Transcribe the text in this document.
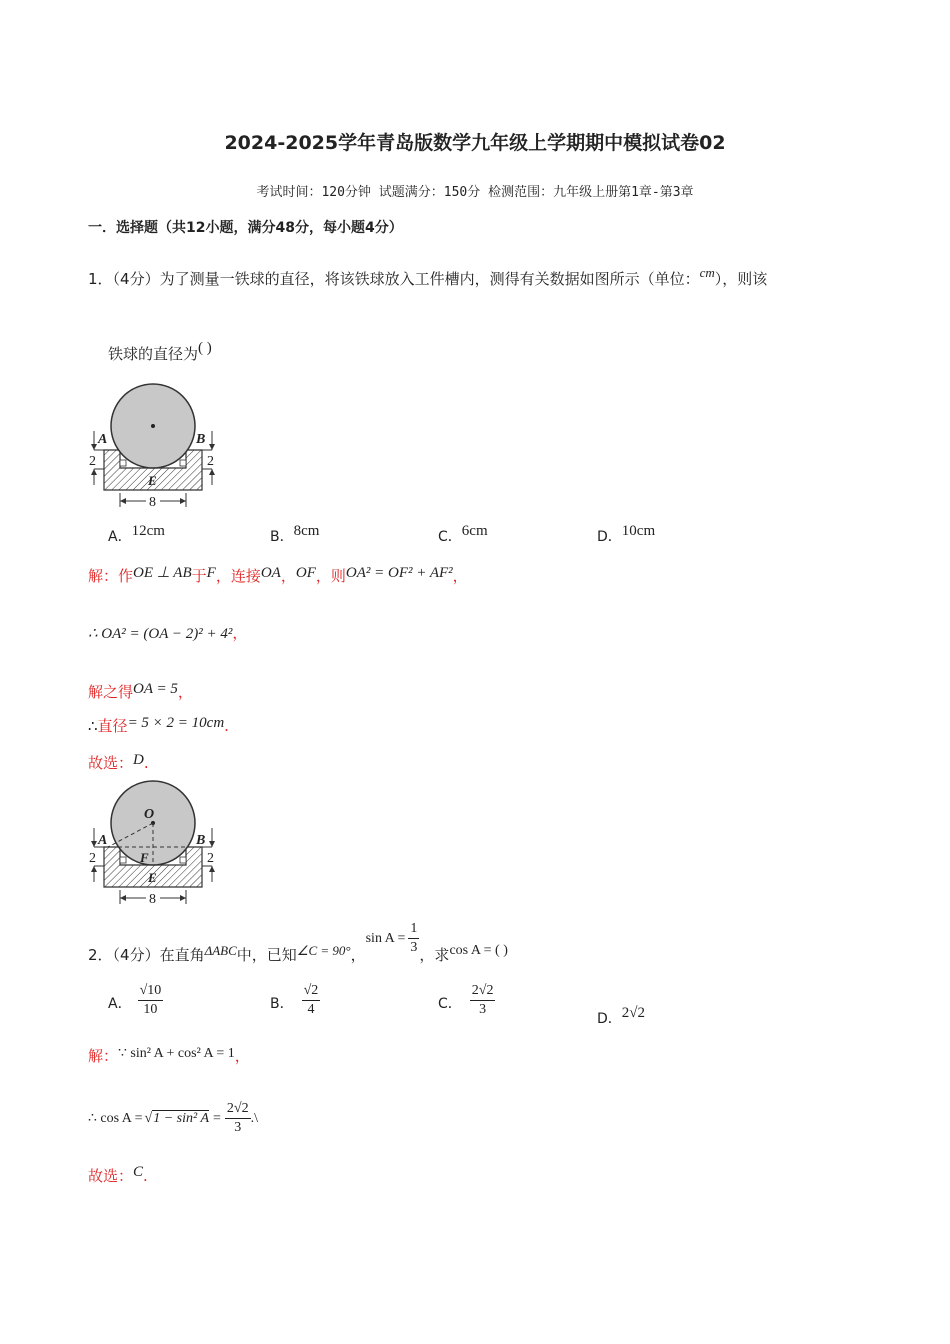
2024-2025学年青岛版数学九年级上学期期中模拟试卷02
考试时间：120分钟 试题满分：150分 检测范围：九年级上册第1章-第3章
一．选择题（共12小题，满分48分，每小题4分）
1．（4分）为了测量一铁球的直径，将该铁球放入工件槽内，测得有关数据如图所示（单位：cm），则该
铁球的直径为( )
A	B
E
2	2
8
A．12cm	B．8cm	C．6cm	D．10cm
解：作OE ⊥ AB于F，连接OA，OF，则OA² = OF² + AF²，
∴ OA² = (OA − 2)² + 4²，
解之得OA = 5，
∴直径= 5 × 2 = 10cm.
故选：D.
O
A	B
F
E
2	2
8
2．（4分）在直角 ΔABC 中，已知 ∠C = 90° ，
$\sin A = \frac{1}{3}$ ，求 cos A = ( )
A． $\frac{√10}{10}$	B． $\frac{√2}{4}$	C． $\frac{2√2}{3}$	D．2√2
解：∵ sin² A + cos² A = 1，
∴ cos A = √ 1 − sin² $A = \frac{2√2}{3}$ .\
故选：C.
